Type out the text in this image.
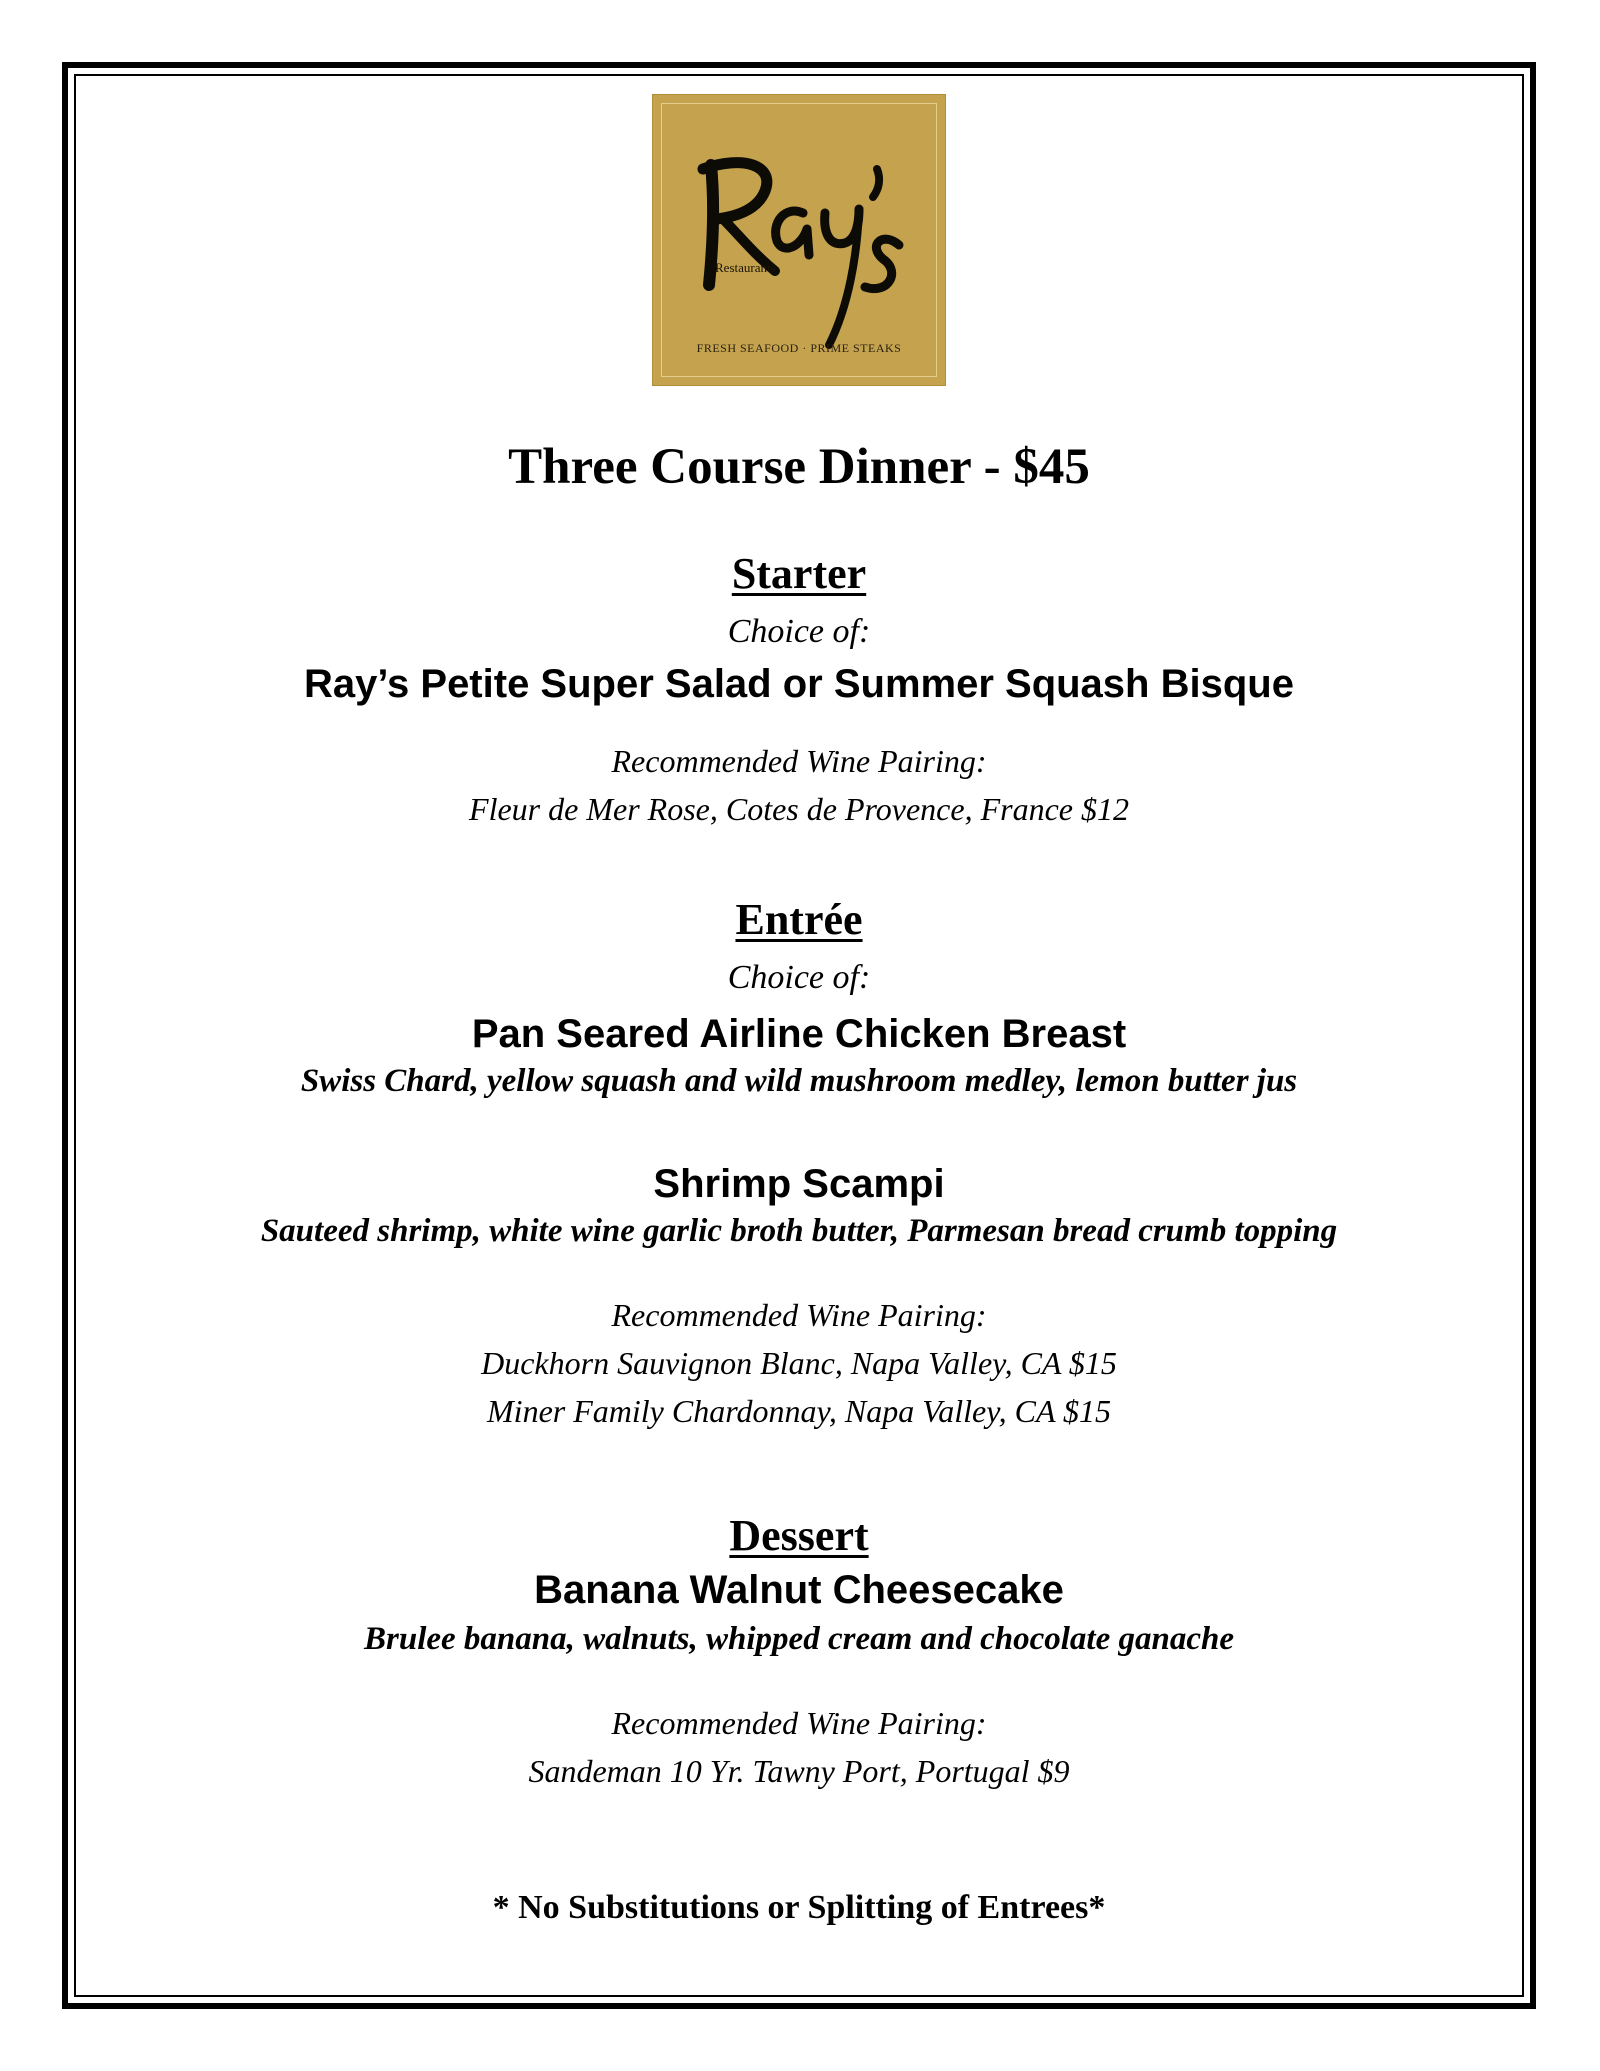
Restaurants
FRESH SEAFOOD · PRIME STEAKS
Three Course Dinner - $45
Starter
Choice of:
Ray’s Petite Super Salad or Summer Squash Bisque
Recommended Wine Pairing:
Fleur de Mer Rose, Cotes de Provence, France $12
Entrée
Choice of:
Pan Seared Airline Chicken Breast
Swiss Chard, yellow squash and wild mushroom medley, lemon butter jus
Shrimp Scampi
Sauteed shrimp, white wine garlic broth butter, Parmesan bread crumb topping
Recommended Wine Pairing:
Duckhorn Sauvignon Blanc, Napa Valley, CA $15
Miner Family Chardonnay, Napa Valley, CA $15
Dessert
Banana Walnut Cheesecake
Brulee banana, walnuts, whipped cream and chocolate ganache
Recommended Wine Pairing:
Sandeman 10 Yr. Tawny Port, Portugal $9
* No Substitutions or Splitting of Entrees*
